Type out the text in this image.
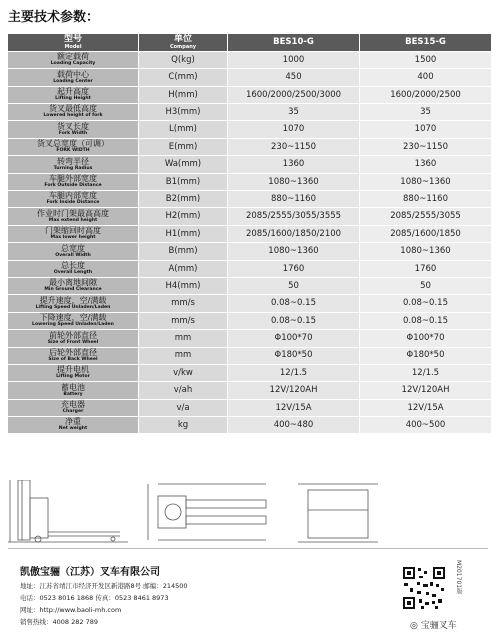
主要技术参数：
型号
Model	单位
Company	BES10-G	BES15-G

额定载荷
Loading Capacity	Q(kg)	1000	1500

载荷中心
Loading Center	C(mm)	450	400

起升高度
Lifting Height	H(mm)	1600/2000/2500/3000	1600/2000/2500

货叉最低高度
Lowered height of fork	H3(mm)	35	35

货叉长度
Fork Width	L(mm)	1070	1070

货叉总宽度（可调）
FORK WIDTH	E(mm)	230~1150	230~1150

转弯半径
Turning Radius	Wa(mm)	1360	1360

车腿外部宽度
Fork Outside Distance	B1(mm)	1080~1360	1080~1360

车腿内部宽度
Fork Inside Distance	B2(mm)	880~1160	880~1160

作业时门架最高高度
Max extend height	H2(mm)	2085/2555/3055/3555	2085/2555/3055

门架缩回时高度
Max lower height	H1(mm)	2085/1600/1850/2100	2085/1600/1850

总宽度
Overall Width	B(mm)	1080~1360	1080~1360

总长度
Overall Length	A(mm)	1760	1760

最小离地间隙
Min Ground Clearance	H4(mm)	50	50

提升速度，空/满载
Lifting Speed Unladen/Laden	mm/s	0.08~0.15	0.08~0.15

下降速度，空/满载
Lowering Speed Unladen/Laden	mm/s	0.08~0.15	0.08~0.15

前轮外部直径
Size of Front Wheel	mm	Φ100*70	Φ100*70

后轮外部直径
Size of Back Wheel	mm	Φ180*50	Φ180*50

提升电机
Lifting Motor	v/kw	12/1.5	12/1.5

蓄电池
Battery	v/ah	12V/120AH	12V/120AH

充电器
Charger	v/a	12V/15A	12V/15A

净重
Net weight	kg	400~480	400~500
凯傲宝骊（江苏）叉车有限公司
地址：江苏省靖江市经济开发区新港路8号 邮编：214500
电话：0523 8016 1868 传真：0523 8461 8973
网址：http://www.baoli-mh.com
销售热线：4008 282 789
M201701版
◎ 宝骊叉车
